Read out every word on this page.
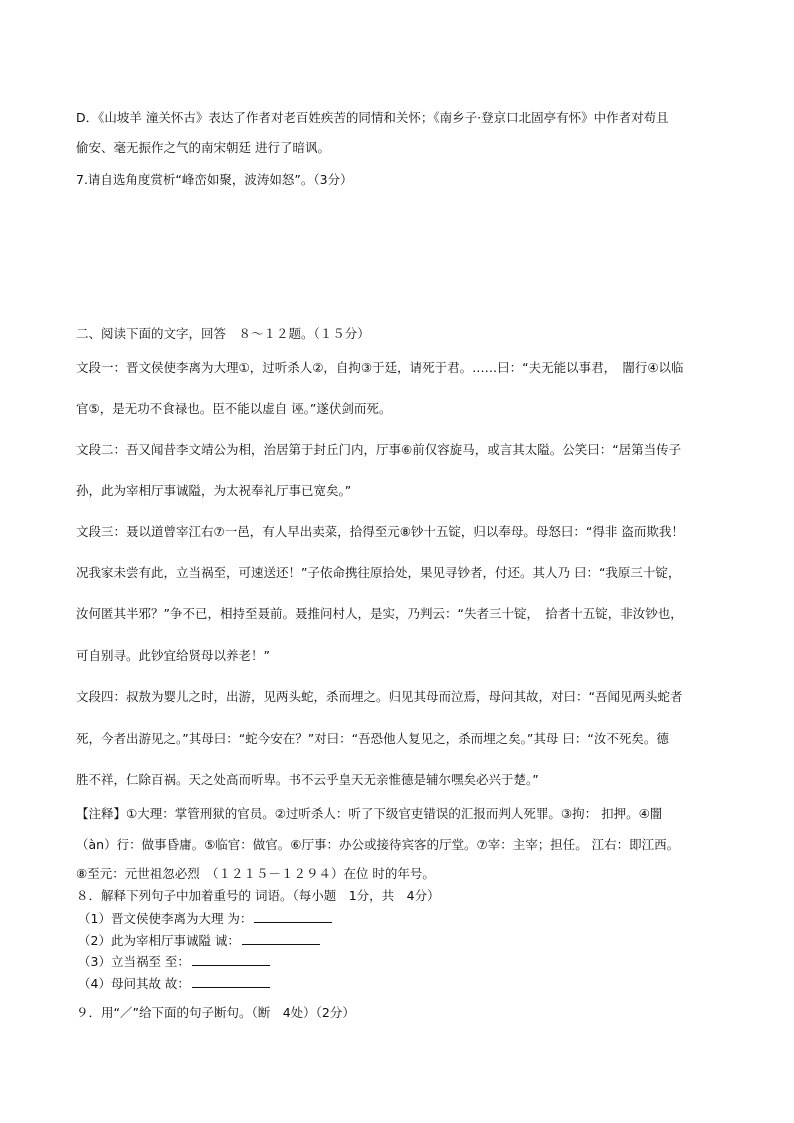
D．《山坡羊 潼关怀古》表达了作者对老百姓疾苦的同情和关怀；《南乡子·登京口北固亭有怀》中作者对苟且
偷安、毫无振作之气的南宋朝廷 进行了暗讽。
7.请自选角度赏析“峰峦如聚，波涛如怒”。（3分）
二、阅读下面的文字，回答　８～１２题。（１５分）
文段一：晋文侯使李离为大理①，过听杀人②，自拘③于廷，请死于君。……曰：“夫无能以事君，　闇行④以临
官⑤，是无功不食禄也。臣不能以虚自 诬。”遂伏剑而死。
文段二：吾又闻昔李文靖公为相，治居第于封丘门内，厅事⑥前仅容旋马，或言其太隘。公笑曰：“居第当传子
孙，此为宰相厅事诚隘，为太祝奉礼厅事已宽矣。”
文段三：聂以道曾宰江右⑦一邑，有人早出卖菜，拾得至元⑧钞十五锭，归以奉母。母怒曰：“得非 盗而欺我！
况我家未尝有此，立当祸至，可速送还！”子依命携往原拾处，果见寻钞者，付还。其人乃 曰：“我原三十锭，
汝何匿其半邪？”争不已，相持至聂前。聂推问村人，是实，乃判云：“失者三十锭，　拾者十五锭，非汝钞也，
可自别寻。此钞宜给贤母以养老！”
文段四：叔敖为婴儿之时，出游，见两头蛇，杀而埋之。归见其母而泣焉，母问其故，对曰：“吾闻见两头蛇者
死，今者出游见之。”其母曰：“蛇今安在？”对曰：“吾恐他人复见之，杀而埋之矣。”其母 曰：“汝不死矣。德
胜不祥，仁除百祸。天之处高而听卑。书不云乎皇天无亲惟德是辅尔嘿矣必兴于楚。”
【注释】①大理：掌管刑狱的官员。②过听杀人：听了下级官吏错误的汇报而判人死罪。③拘： 扣押。④闇
（àn）行：做事昏庸。⑤临官：做官。⑥厅事：办公或接待宾客的厅堂。⑦宰：主宰；担任。 江右：即江西。
⑧至元：元世祖忽必烈　（１２１５－１２９４）在位 时的年号。
８．解释下列句子中加着重号的 词语。（每小题　1分，共　4分）
（1）晋文侯使李离为大理 为：
（2）此为宰相厅事诚隘 诚：
（3）立当祸至 至：
（4）母问其故 故：
９．用“／”给下面的句子断句。（断　4处）（2分）
